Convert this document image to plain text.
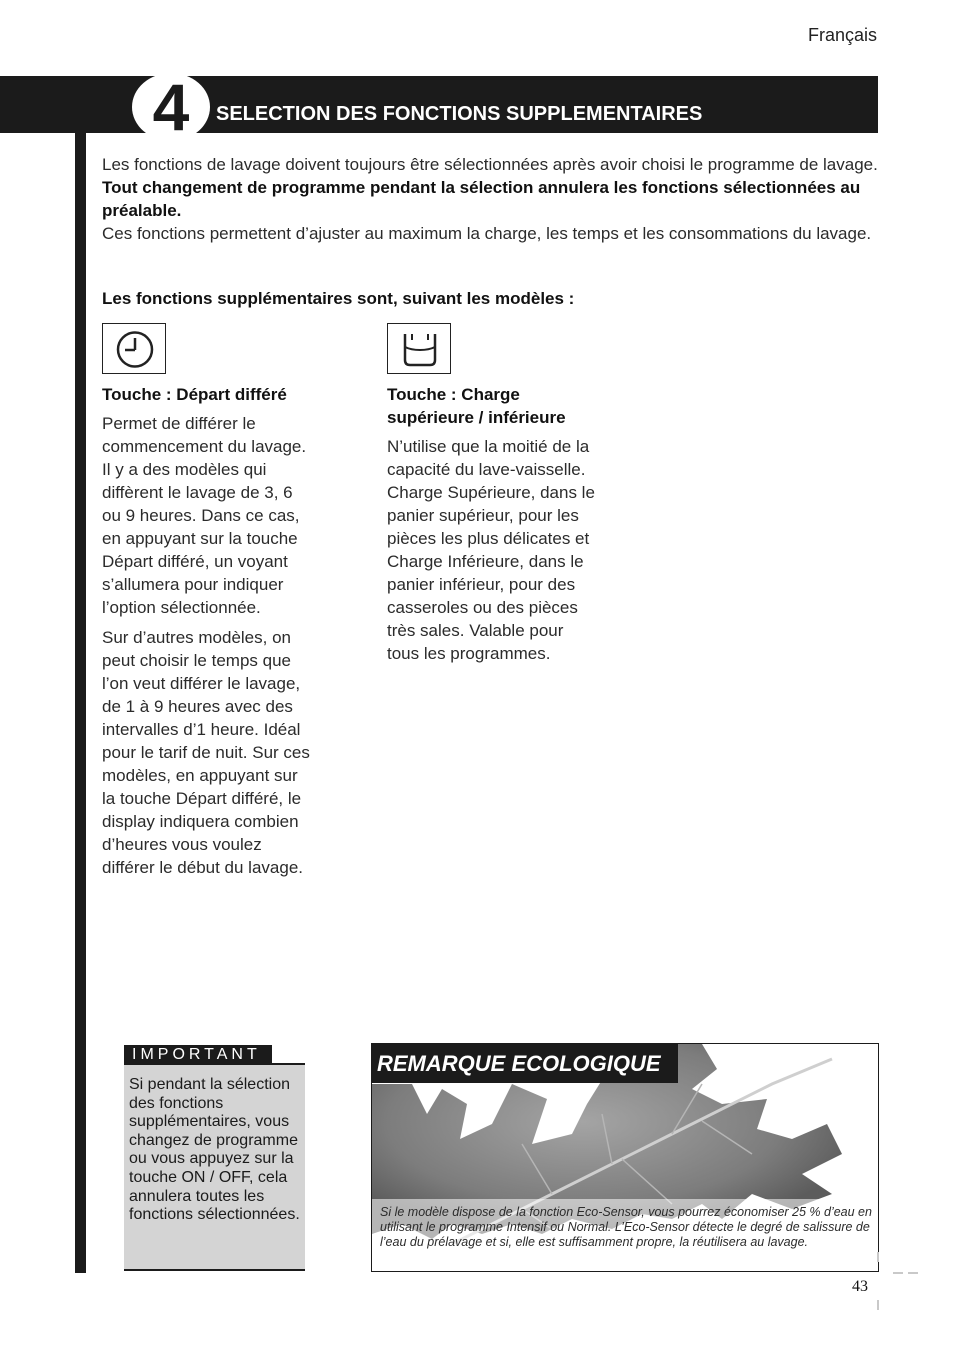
Français
4	SELECTION DES FONCTIONS SUPPLEMENTAIRES
Les fonctions de lavage doivent toujours être sélectionnées après avoir choisi le programme de lavage. Tout changement de programme pendant la sélection annulera les fonctions sélectionnées au préalable.
Ces fonctions permettent d’ajuster au maximum la charge, les temps et les consommations du lavage.
Les fonctions supplémentaires sont, suivant les modèles :
Touche : Départ différé

Permet de différer le commencement du lavage. Il y a des modèles qui diffèrent le lavage de 3, 6 ou 9 heures. Dans ce cas, en appuyant sur la touche Départ différé, un voyant s’allumera pour indiquer l’option sélectionnée.

Sur d’autres modèles, on peut choisir le temps que l’on veut différer le lavage, de 1 à 9 heures avec des intervalles d’1 heure. Idéal pour le tarif de nuit. Sur ces modèles, en appuyant sur la touche Départ différé, le display indiquera combien d’heures vous voulez différer le début du lavage.

Touche : Charge supérieure / inférieure

N’utilise que la moitié de la capacité du lave-vaisselle. Charge Supérieure, dans le panier supérieur, pour les pièces les plus délicates et Charge Inférieure, dans le panier inférieur, pour des casseroles ou des pièces très sales. Valable pour tous les programmes.

IMPORTANT
Si pendant la sélection des fonctions supplémentaires, vous changez de programme ou vous appuyez sur la touche ON / OFF, cela annulera toutes les fonctions sélectionnées.
REMARQUE ECOLOGIQUE
Si le modèle dispose de la fonction Eco-Sensor, vous pourrez économiser 25 % d’eau en utilisant le programme Intensif ou Normal. L’Eco-Sensor détecte le degré de salissure de l’eau du prélavage et si, elle est suffisamment propre, la réutilisera au lavage.
43
